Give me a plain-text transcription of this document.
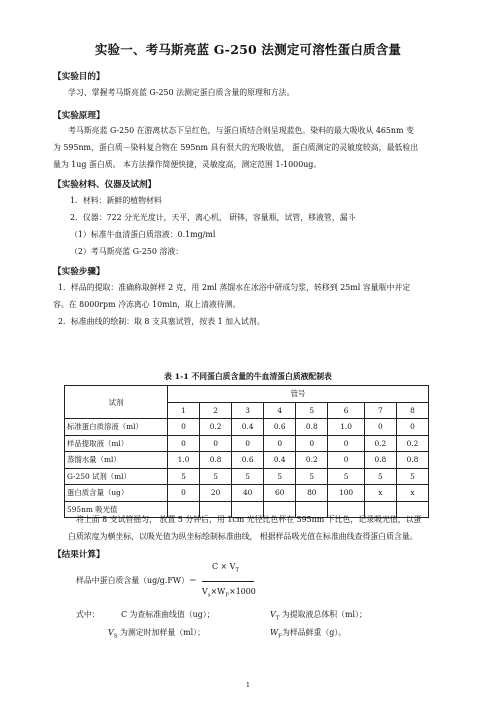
实验一、考马斯亮蓝 G-250 法测定可溶性蛋白质含量
【实验目的】
学习、掌握考马斯亮蓝 G-250 法测定蛋白质含量的原理和方法。
【实验原理】
考马斯亮蓝 G-250 在游离状态下呈红色，与蛋白质结合则呈现蓝色。染料的最大吸收从 465nm 变
为 595nm，蛋白质－染料复合物在 595nm 具有很大的光吸收值， 蛋白质测定的灵敏度较高，最低检出
量为 1ug 蛋白质。 本方法操作简便快捷，灵敏度高，测定范围 1-1000ug。
【实验材料、仪器及试剂】
1．材料：新鲜的植物材料
2．仪器：722 分光光度计，天平，离心机， 研钵，容量瓶，试管，移液管，漏斗
（1）标准牛血清蛋白质溶液：0.1mg/ml
（2）考马斯亮蓝 G-250 溶液：
【实验步骤】
1．样品的提取：准确称取鲜样 2 克，用 2ml 蒸馏水在冰浴中研成匀浆，转移到 25ml 容量瓶中并定
容。在 8000rpm 冷冻离心 10min，取上清液待测。
2．标准曲线的绘制：取 8 支具塞试管，按表 1 加入试剂。
表 1-1 不同蛋白质含量的牛血清蛋白质液配制表
试剂	管号							
	1	2	3	4	5	6	7	8
标准蛋白质溶液（ml）	0	0.2	0.4	0.6	0.8	1.0	0	0
样品提取液（ml）	0	0	0	0	0	0	0.2	0.2
蒸馏水量（ml）	1.0	0.8	0.6	0.4	0.2	0	0.8	0.8
G-250 试剂（ml）	5	5	5	5	5	5	5	5
蛋白质含量（ug）	0	20	40	60	80	100	x	x
595nm 吸光值								
将上面 8 支试管摇匀， 放置 5 分钟后，用 1cm 光径比色杯在 595nm 下比色，记录吸光值，以蛋
白质浓度为横坐标，以吸光值为纵坐标绘制标准曲线， 根据样品吸光值在标准曲线查得蛋白质含量。
【结果计算】
$C \times V_T$
样品中蛋白质含量（ug/g.FW）＝
$V_s\times W_F\times 1000$
式中：	C 为查标准曲线值（ug）；	$V_T$ 为提取液总体积（ml）；
$V_S$ 为测定时加样量（ml）；	$W_F$为样品鲜重（g）。
1
